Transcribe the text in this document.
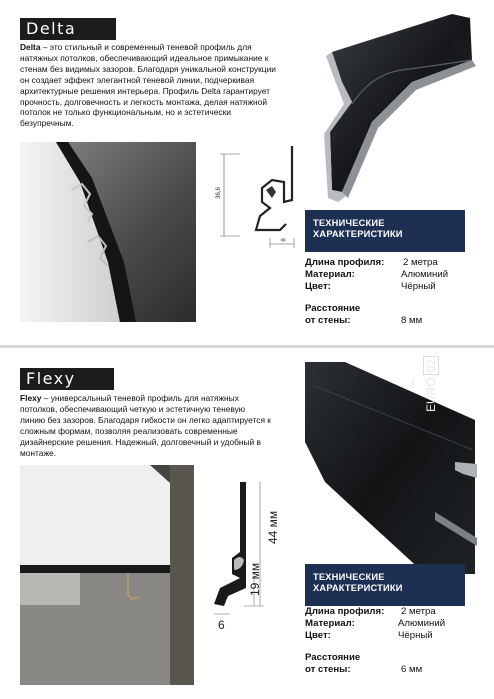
Delta
Delta – это стильный и современный теневой профиль для натяжных потолков, обеспечивающий идеальное примыкание к стенам без видимых зазоров. Благодаря уникальной конструкции он создает эффект элегантной теневой линии, подчеркивая архитектурные решения интерьера. Профиль Delta гарантирует прочность, долговечность и легкость монтажа, делая натяжной потолок не только функциональным, но и эстетически безупречным.
36,6
8
ТЕХНИЧЕСКИЕ ХАРАКТЕРИСТИКИ
Длина профиля: 2 метра
Материал:	Алюминий
Цвет:	Чёрный
Расстояние
от стены:	8 мм
Flexy
Flexy – универсальный теневой профиль для натяжных потолков, обеспечивающий четкую и эстетичную теневую линию без зазоров. Благодаря гибкости он легко адаптируется к сложным формам, позволяя реализовать современные дизайнерские решения. Надежный, долговечный и удобный в монтаже.
44 мм
19 мм
6
EURO02
Flexy
ТЕХНИЧЕСКИЕ ХАРАКТЕРИСТИКИ
Длина профиля: 2 метра
Материал:	Алюминий
Цвет:	Чёрный
Расстояние
от стены:	6 мм
